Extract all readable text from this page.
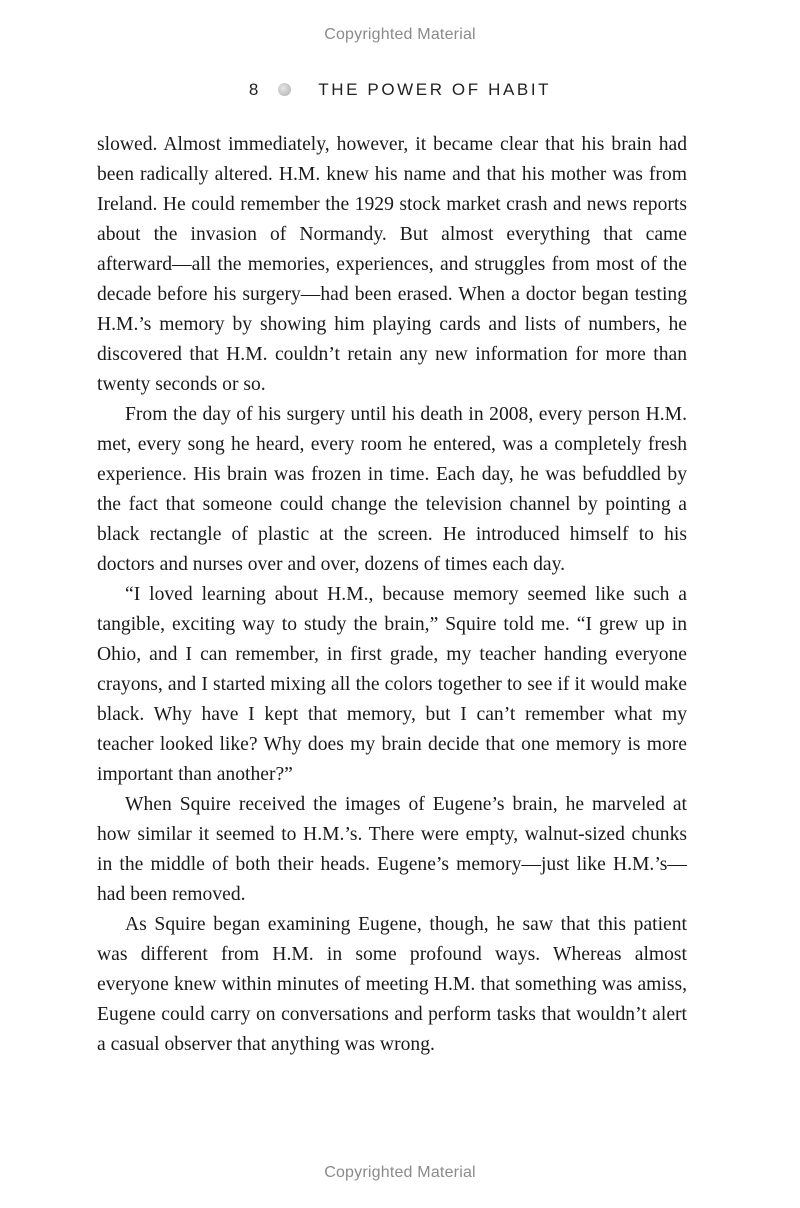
Copyrighted Material
8	THE POWER OF HABIT

slowed. Almost immediately, however, it became clear that his brain had been radically altered. H.M. knew his name and that his mother was from Ireland. He could remember the 1929 stock market crash and news reports about the invasion of Normandy. But almost everything that came afterward—all the memories, experiences, and struggles from most of the decade before his surgery—had been erased. When a doctor began testing H.M.’s memory by showing him playing cards and lists of numbers, he discovered that H.M. couldn’t retain any new information for more than twenty seconds or so.

From the day of his surgery until his death in 2008, every person H.M. met, every song he heard, every room he entered, was a completely fresh experience. His brain was frozen in time. Each day, he was befuddled by the fact that someone could change the television channel by pointing a black rectangle of plastic at the screen. He introduced himself to his doctors and nurses over and over, dozens of times each day.

“I loved learning about H.M., because memory seemed like such a tangible, exciting way to study the brain,” Squire told me. “I grew up in Ohio, and I can remember, in first grade, my teacher handing everyone crayons, and I started mixing all the colors together to see if it would make black. Why have I kept that memory, but I can’t remember what my teacher looked like? Why does my brain decide that one memory is more important than another?”

When Squire received the images of Eugene’s brain, he marveled at how similar it seemed to H.M.’s. There were empty, walnut-sized chunks in the middle of both their heads. Eugene’s memory—just like H.M.’s—had been removed.

As Squire began examining Eugene, though, he saw that this patient was different from H.M. in some profound ways. Whereas almost everyone knew within minutes of meeting H.M. that something was amiss, Eugene could carry on conversations and perform tasks that wouldn’t alert a casual observer that anything was wrong.

Copyrighted Material
